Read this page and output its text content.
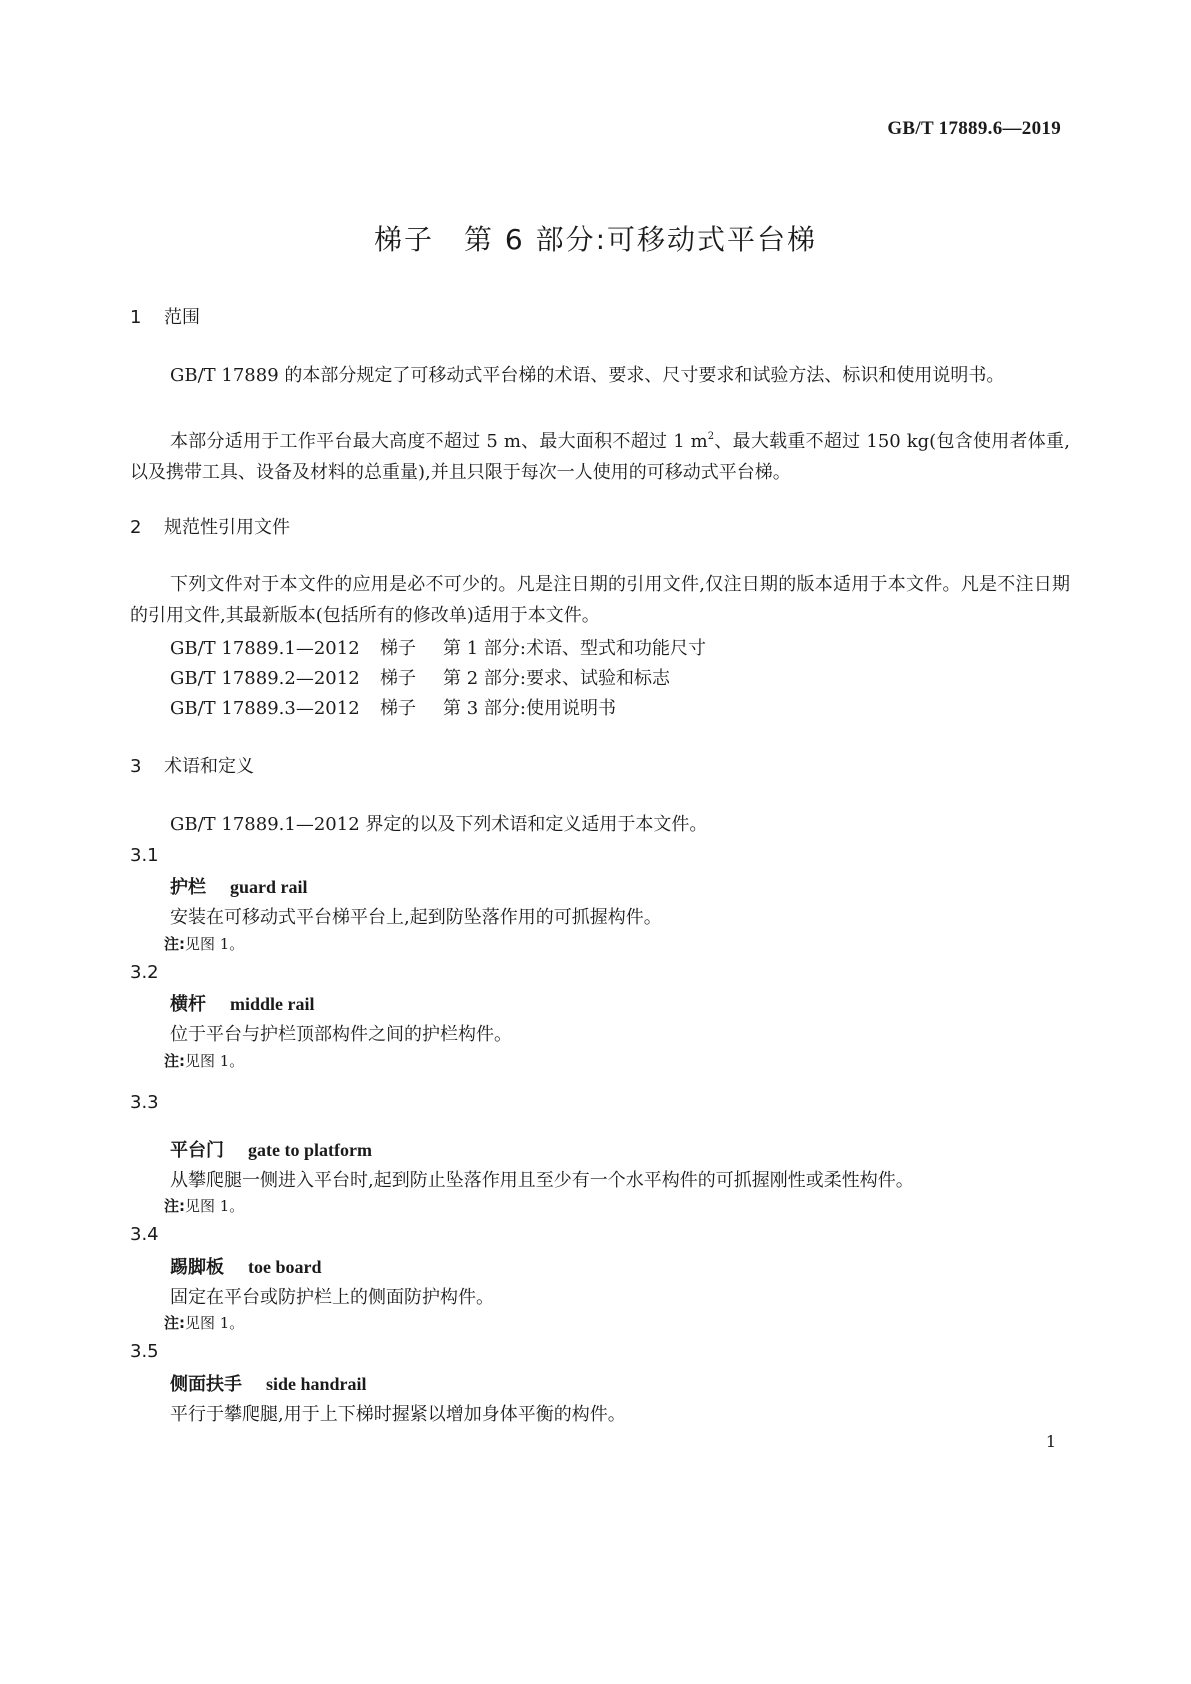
GB/T 17889.6—2019
梯子　第 6 部分:可移动式平台梯
1 范围
GB/T 17889 的本部分规定了可移动式平台梯的术语、要求、尺寸要求和试验方法、标识和使用说明书。
本部分适用于工作平台最大高度不超过 5 m、最大面积不超过 1 $m^2$、最大载重不超过 150 kg(包含使用者体重,以及携带工具、设备及材料的总重量),并且只限于每次一人使用的可移动式平台梯。
2 规范性引用文件
下列文件对于本文件的应用是必不可少的。凡是注日期的引用文件,仅注日期的版本适用于本文件。凡是不注日期的引用文件,其最新版本(包括所有的修改单)适用于本文件。
GB/T 17889.1—2012 梯子 第 1 部分:术语、型式和功能尺寸
GB/T 17889.2—2012 梯子 第 2 部分:要求、试验和标志
GB/T 17889.3—2012 梯子 第 3 部分:使用说明书
3 术语和定义
GB/T 17889.1—2012 界定的以及下列术语和定义适用于本文件。
3.1
护栏 guard rail
安装在可移动式平台梯平台上,起到防坠落作用的可抓握构件。
注:见图 1。
3.2
横杆 middle rail
位于平台与护栏顶部构件之间的护栏构件。
注:见图 1。
3.3
平台门 gate to platform
从攀爬腿一侧进入平台时,起到防止坠落作用且至少有一个水平构件的可抓握刚性或柔性构件。
注:见图 1。
3.4
踢脚板 toe board
固定在平台或防护栏上的侧面防护构件。
注:见图 1。
3.5
侧面扶手 side handrail
平行于攀爬腿,用于上下梯时握紧以增加身体平衡的构件。
1
